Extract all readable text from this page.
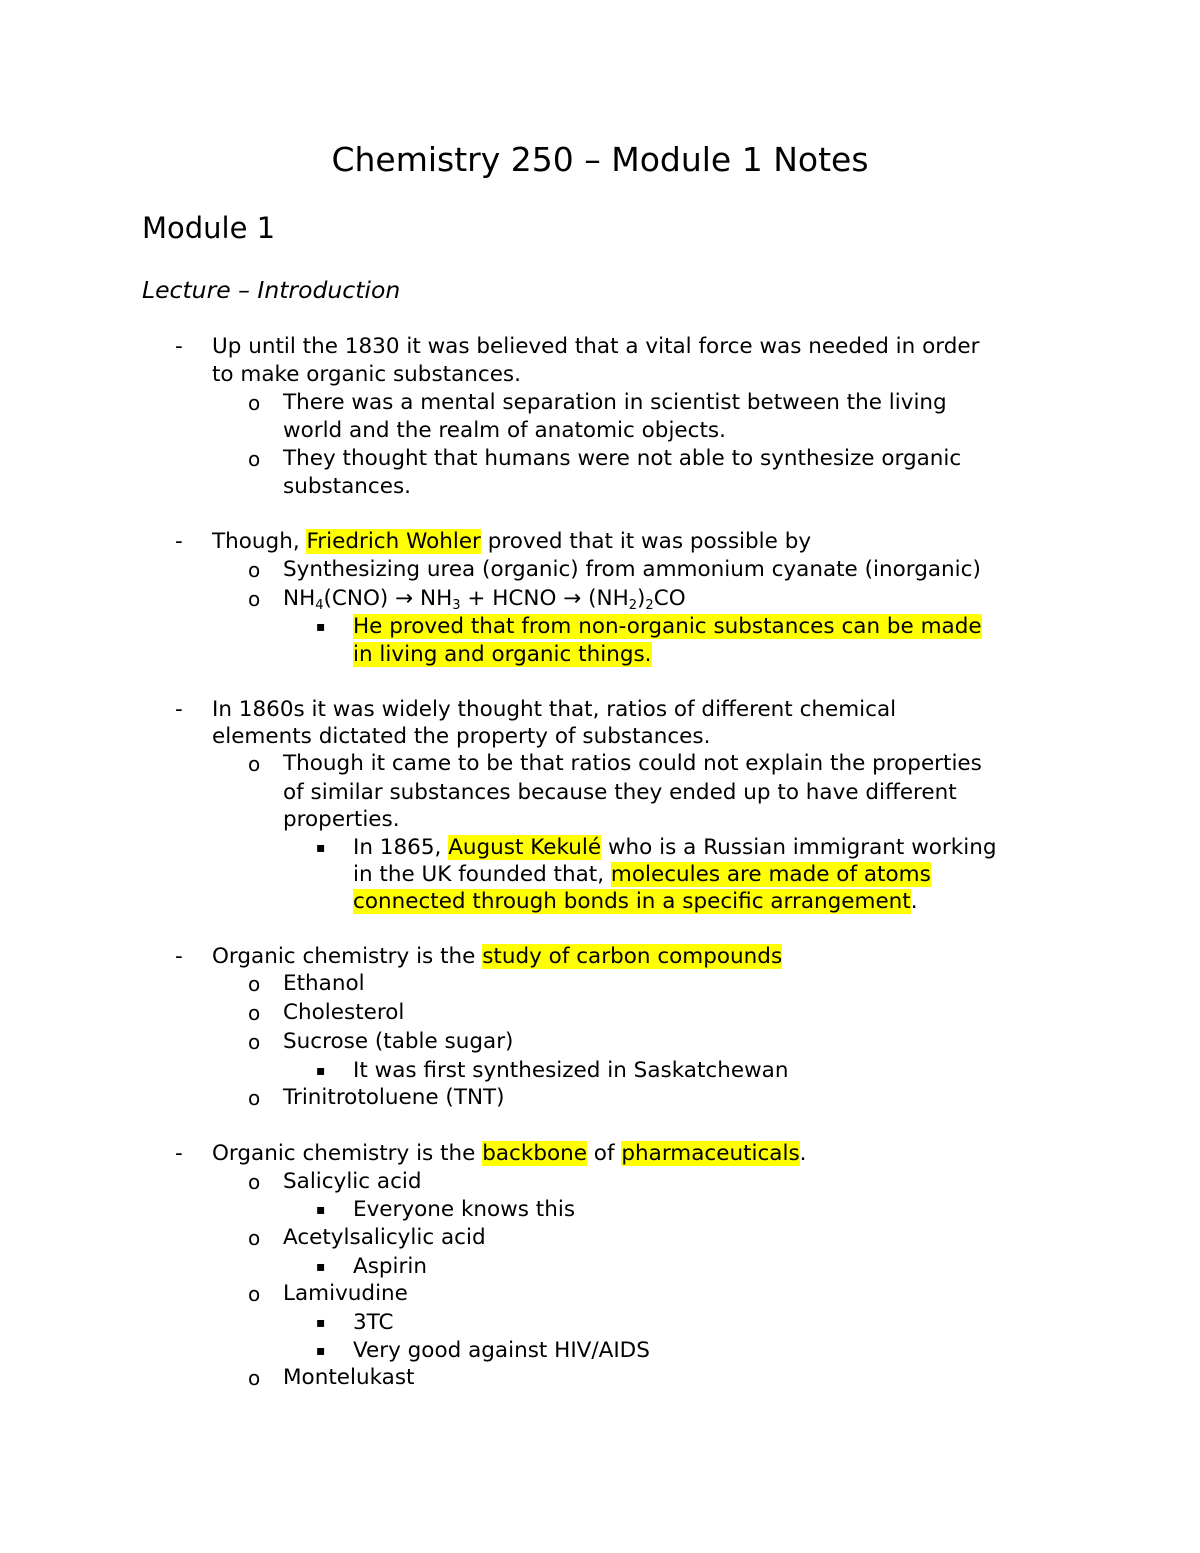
Chemistry 250 – Module 1 Notes
Module 1
Lecture – Introduction
- Up until the 1830 it was believed that a vital force was needed in order
to make organic substances.
o There was a mental separation in scientist between the living
world and the realm of anatomic objects.
o They thought that humans were not able to synthesize organic
substances.
- Though, Friedrich Wohler proved that it was possible by
o Synthesizing urea (organic) from ammonium cyanate (inorganic)
o $NH_4(CNO) \to NH_3$ + HCNO → $(NH_2)_2CO$
▪ He proved that from non-organic substances can be made
in living and organic things.
- In 1860s it was widely thought that, ratios of different chemical
elements dictated the property of substances.
o Though it came to be that ratios could not explain the properties
of similar substances because they ended up to have different
properties.
▪ In 1865, August Kekulé who is a Russian immigrant working
in the UK founded that, molecules are made of atoms
connected through bonds in a specific arrangement.
- Organic chemistry is the study of carbon compounds
o Ethanol
o Cholesterol
o Sucrose (table sugar)
▪ It was first synthesized in Saskatchewan
o Trinitrotoluene (TNT)
- Organic chemistry is the backbone of pharmaceuticals.
o Salicylic acid
▪ Everyone knows this
o Acetylsalicylic acid
▪ Aspirin
o Lamivudine
▪ 3TC
▪ Very good against HIV/AIDS
o Montelukast
